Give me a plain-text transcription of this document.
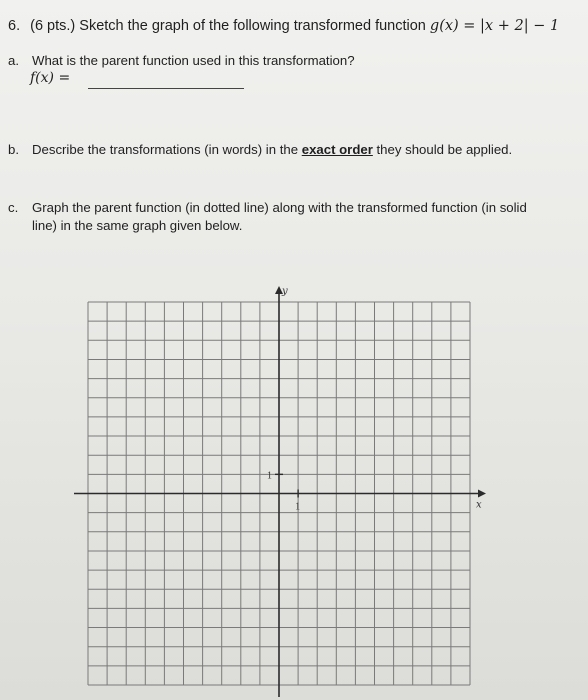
6. (6 pts.) Sketch the graph of the following transformed function g(x) = |x + 2| − 1
a. What is the parent function used in this transformation?
f(x) =
b. Describe the transformations (in words) in the exact order they should be applied.
c. Graph the parent function (in dotted line) along with the transformed function (in solid
line) in the same graph given below.
y
x
1
1
